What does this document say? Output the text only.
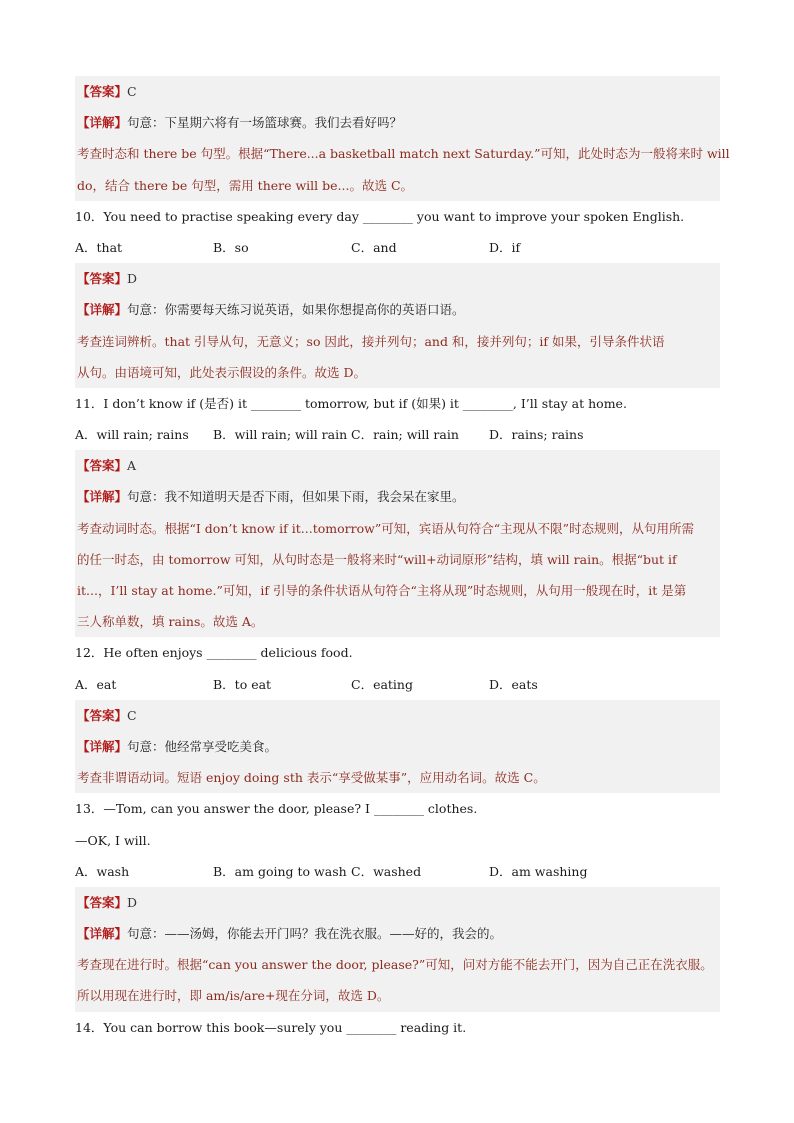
【答案】C
【详解】句意：下星期六将有一场篮球赛。我们去看好吗？
考查时态和 there be 句型。根据“There...a basketball match next Saturday.”可知，此处时态为一般将来时 will
do，结合 there be 句型，需用 there will be...。故选 C。
10．You need to practise speaking every day ________ you want to improve your spoken English.
A．that	B．so	C．and	D．if
【答案】D
【详解】句意：你需要每天练习说英语，如果你想提高你的英语口语。
考查连词辨析。that 引导从句，无意义；so 因此，接并列句；and 和，接并列句；if 如果，引导条件状语
从句。由语境可知，此处表示假设的条件。故选 D。
11．I don’t know if (是否) it ________ tomorrow, but if (如果) it ________, I’ll stay at home.
A．will rain; rains	B．will rain; will rain C．rain; will rain	D．rains; rains
【答案】A
【详解】句意：我不知道明天是否下雨，但如果下雨，我会呆在家里。
考查动词时态。根据“I don’t know if it...tomorrow”可知，宾语从句符合“主现从不限”时态规则，从句用所需
的任一时态，由 tomorrow 可知，从句时态是一般将来时“will+动词原形”结构，填 will rain。根据“but if
it...，I’ll stay at home.”可知，if 引导的条件状语从句符合“主将从现”时态规则，从句用一般现在时，it 是第
三人称单数，填 rains。故选 A。
12．He often enjoys ________ delicious food.
A．eat	B．to eat	C．eating	D．eats
【答案】C
【详解】句意：他经常享受吃美食。
考查非谓语动词。短语 enjoy doing sth 表示“享受做某事”，应用动名词。故选 C。
13．—Tom, can you answer the door, please? I ________ clothes.
—OK, I will.
A．wash	B．am going to wash C．washed	D．am washing
【答案】D
【详解】句意：——汤姆，你能去开门吗？我在洗衣服。——好的，我会的。
考查现在进行时。根据“can you answer the door, please?”可知，问对方能不能去开门，因为自己正在洗衣服。
所以用现在进行时，即 am/is/are+现在分词，故选 D。
14．You can borrow this book—surely you ________ reading it.
